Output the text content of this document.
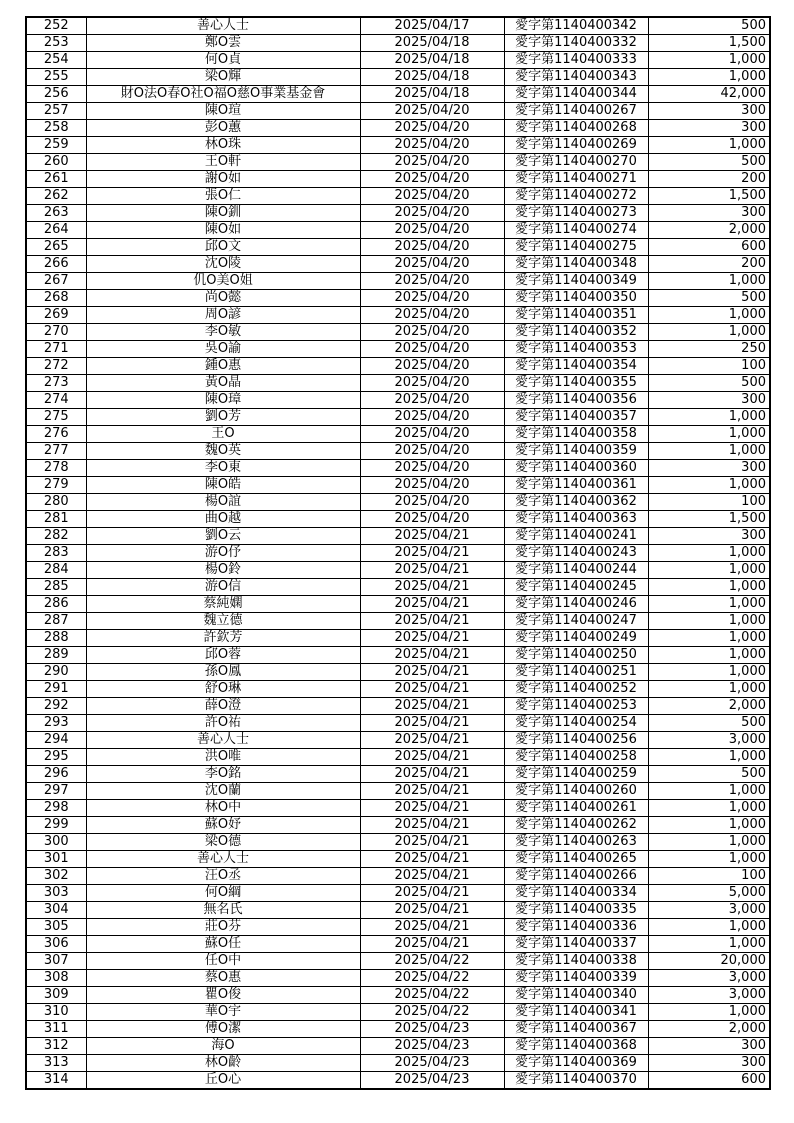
252	善心人士	2025/04/17	愛字第1140400342	500
253	鄭O雲	2025/04/18	愛字第1140400332	1,500
254	何O貞	2025/04/18	愛字第1140400333	1,000
255	梁O輝	2025/04/18	愛字第1140400343	1,000
256	財O法O春O社O福O慈O事業基金會	2025/04/18	愛字第1140400344	42,000
257	陳O瑄	2025/04/20	愛字第1140400267	300
258	彭O蕙	2025/04/20	愛字第1140400268	300
259	林O珠	2025/04/20	愛字第1140400269	1,000
260	王O軒	2025/04/20	愛字第1140400270	500
261	謝O如	2025/04/20	愛字第1140400271	200
262	張O仁	2025/04/20	愛字第1140400272	1,500
263	陳O釧	2025/04/20	愛字第1140400273	300
264	陳O如	2025/04/20	愛字第1140400274	2,000
265	邱O文	2025/04/20	愛字第1140400275	600
266	沈O陵	2025/04/20	愛字第1140400348	200
267	仉O美O姐	2025/04/20	愛字第1140400349	1,000
268	尚O懿	2025/04/20	愛字第1140400350	500
269	周O諺	2025/04/20	愛字第1140400351	1,000
270	李O敏	2025/04/20	愛字第1140400352	1,000
271	吳O諭	2025/04/20	愛字第1140400353	250
272	鍾O惠	2025/04/20	愛字第1140400354	100
273	黃O晶	2025/04/20	愛字第1140400355	500
274	陳O璋	2025/04/20	愛字第1140400356	300
275	劉O芳	2025/04/20	愛字第1140400357	1,000
276	王O	2025/04/20	愛字第1140400358	1,000
277	魏O英	2025/04/20	愛字第1140400359	1,000
278	李O東	2025/04/20	愛字第1140400360	300
279	陳O皓	2025/04/20	愛字第1140400361	1,000
280	楊O誼	2025/04/20	愛字第1140400362	100
281	曲O越	2025/04/20	愛字第1140400363	1,500
282	劉O云	2025/04/21	愛字第1140400241	300
283	游O伃	2025/04/21	愛字第1140400243	1,000
284	楊O鈴	2025/04/21	愛字第1140400244	1,000
285	游O信	2025/04/21	愛字第1140400245	1,000
286	蔡純嫻	2025/04/21	愛字第1140400246	1,000
287	魏立德	2025/04/21	愛字第1140400247	1,000
288	許欽芳	2025/04/21	愛字第1140400249	1,000
289	邱O蓉	2025/04/21	愛字第1140400250	1,000
290	孫O鳳	2025/04/21	愛字第1140400251	1,000
291	舒O琳	2025/04/21	愛字第1140400252	1,000
292	薛O澄	2025/04/21	愛字第1140400253	2,000
293	許O祐	2025/04/21	愛字第1140400254	500
294	善心人士	2025/04/21	愛字第1140400256	3,000
295	洪O唯	2025/04/21	愛字第1140400258	1,000
296	李O銘	2025/04/21	愛字第1140400259	500
297	沈O蘭	2025/04/21	愛字第1140400260	1,000
298	林O中	2025/04/21	愛字第1140400261	1,000
299	蘇O妤	2025/04/21	愛字第1140400262	1,000
300	梁O德	2025/04/21	愛字第1140400263	1,000
301	善心人士	2025/04/21	愛字第1140400265	1,000
302	汪O丞	2025/04/21	愛字第1140400266	100
303	何O綱	2025/04/21	愛字第1140400334	5,000
304	無名氏	2025/04/21	愛字第1140400335	3,000
305	莊O芬	2025/04/21	愛字第1140400336	1,000
306	蘇O任	2025/04/21	愛字第1140400337	1,000
307	任O中	2025/04/22	愛字第1140400338	20,000
308	蔡O惠	2025/04/22	愛字第1140400339	3,000
309	瞿O俊	2025/04/22	愛字第1140400340	3,000
310	華O宇	2025/04/22	愛字第1140400341	1,000
311	傅O潔	2025/04/23	愛字第1140400367	2,000
312	海O	2025/04/23	愛字第1140400368	300
313	林O齡	2025/04/23	愛字第1140400369	300
314	丘O心	2025/04/23	愛字第1140400370	600
